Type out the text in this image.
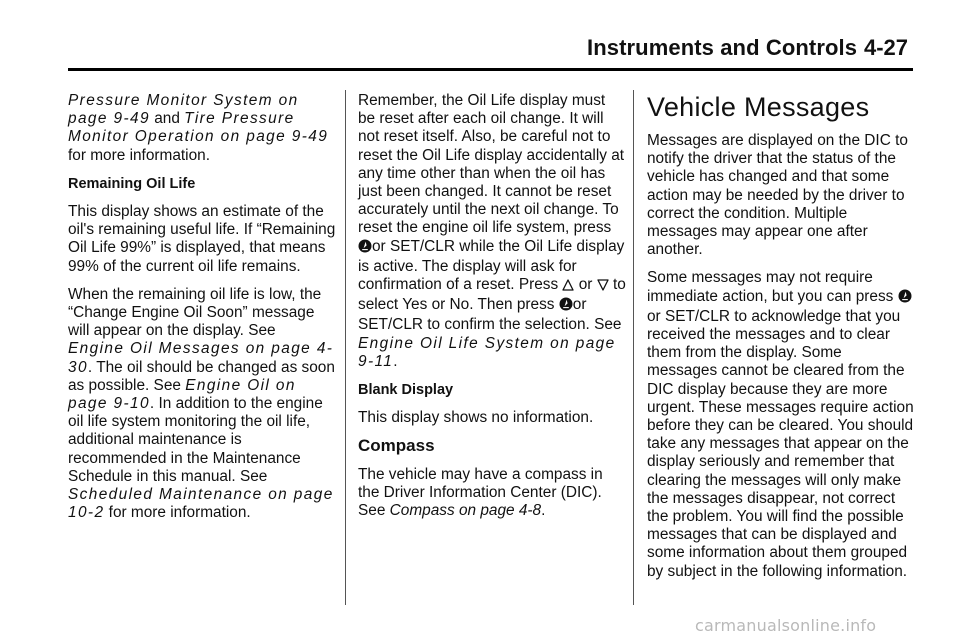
Instruments and Controls 4-27

Pressure Monitor System on page 9-49 and Tire Pressure Monitor Operation on page 9-49 for more information.

Remaining Oil Life

This display shows an estimate of the oil's remaining useful life. If “Remaining Oil Life 99%” is displayed, that means 99% of the current oil life remains.

When the remaining oil life is low, the “Change Engine Oil Soon” message will appear on the display. See Engine Oil Messages on page 4-30. The oil should be changed as soon as possible. See Engine Oil on page 9-10. In addition to the engine oil life system monitoring the oil life, additional maintenance is recommended in the Maintenance Schedule in this manual. See Scheduled Maintenance on page 10-2 for more information.

Remember, the Oil Life display must be reset after each oil change. It will not reset itself. Also, be careful not to reset the Oil Life display accidentally at any time other than when the oil has just been changed. It cannot be reset accurately until the next oil change. To reset the engine oil life system, press or SET/CLR while the Oil Life display is active. The display will ask for confirmation of a reset. Press  or  to select Yes or No. Then press or SET/CLR to confirm the selection. See Engine Oil Life System on page 9-11.

Blank Display

This display shows no information.

Compass

The vehicle may have a compass in the Driver Information Center (DIC). See Compass on page 4-8.

Vehicle Messages

Messages are displayed on the DIC to notify the driver that the status of the vehicle has changed and that some action may be needed by the driver to correct the condition. Multiple messages may appear one after another.

Some messages may not require immediate action, but you can press or SET/CLR to acknowledge that you received the messages and to clear them from the display. Some messages cannot be cleared from the DIC display because they are more urgent. These messages require action before they can be cleared. You should take any messages that appear on the display seriously and remember that clearing the messages will only make the messages disappear, not correct the problem. You will find the possible messages that can be displayed and some information about them grouped by subject in the following information.

carmanualsonline.info
